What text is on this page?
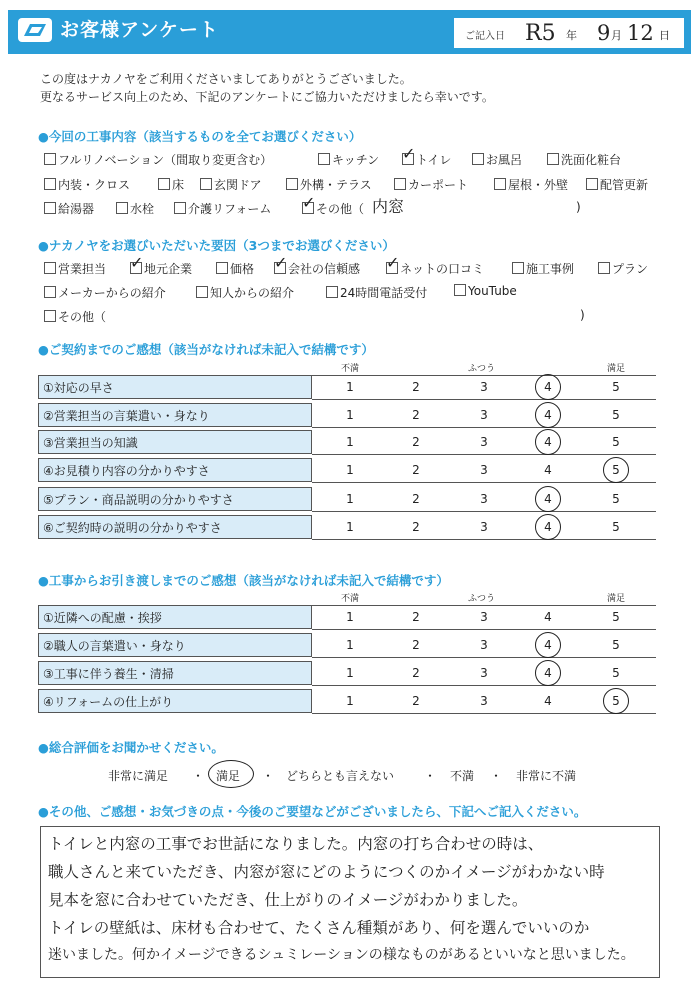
お客様アンケート	ご記入日 R5 年 9 月 12 日
この度はナカノヤをご利用くださいましてありがとうございました。
更なるサービス向上のため、下記のアンケートにご協力いただけましたら幸いです。
●今回の工事内容（該当するものを全てお選びください）
フルリノベーション（間取り変更含む）	キッチン	トイレ	お風呂	洗面化粧台
内装・クロス	床	玄関ドア	外構・テラス	カーポート	屋根・外壁	配管更新
給湯器	水栓	介護リフォーム	その他（ 内窓	)
✓
✓
●ナカノヤをお選びいただいた要因（3つまでお選びください）
営業担当	地元企業	価格	会社の信頼感	ネットの口コミ	施工事例	プラン
メーカーからの紹介	知人からの紹介	24時間電話受付	YouTube
その他（	)
✓	✓	✓
●ご契約までのご感想（該当がなければ未記入で結構です）
不満	ふつう	満足
①対応の早さ	1	2	3	4	5
②営業担当の言葉遣い・身なり	1	2	3	4	5
③営業担当の知識	1	2	3	4	5
④お見積り内容の分かりやすさ	1	2	3	4	5
⑤プラン・商品説明の分かりやすさ	1	2	3	4	5
⑥ご契約時の説明の分かりやすさ	1	2	3	4	5
●工事からお引き渡しまでのご感想（該当がなければ未記入で結構です）
不満	ふつう	満足
①近隣への配慮・挨拶	1	2	3	4	5
②職人の言葉遣い・身なり	1	2	3	4	5
③工事に伴う養生・清掃	1	2	3	4	5
④リフォームの仕上がり	1	2	3	4	5
●総合評価をお聞かせください。
非常に満足 ・ 満足 ・ どちらとも言えない ・ 不満 ・ 非常に不満
●その他、ご感想・お気づきの点・今後のご要望などがございましたら、下記へご記入ください。
トイレと内窓の工事でお世話になりました。内窓の打ち合わせの時は、
職人さんと来ていただき、内窓が窓にどのようにつくのかイメージがわかない時
見本を窓に合わせていただき、仕上がりのイメージがわかりました。
トイレの壁紙は、床材も合わせて、たくさん種類があり、何を選んでいいのか
迷いました。何かイメージできるシュミレーションの様なものがあるといいなと思いました。
